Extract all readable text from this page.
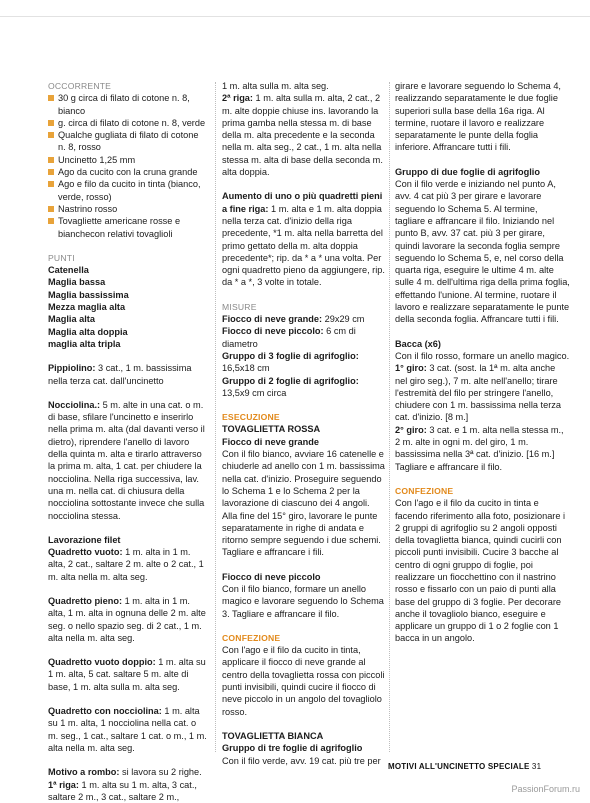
OCCORRENTE
30 g circa di filato di cotone n. 8, bianco
g. circa di filato di cotone n. 8, verde
Qualche gugliata di filato di cotone n. 8, rosso
Uncinetto 1,25 mm
Ago da cucito con la cruna grande
Ago e filo da cucito in tinta (bianco, verde, rosso)
Nastrino rosso
Tovagliette americane rosse e bianchecon relativi tovaglioli
PUNTI
Catenella
Maglia bassa
Maglia bassissima
Mezza maglia alta
Maglia alta
Maglia alta doppia
maglia alta tripla

Pippiolino: 3 cat., 1 m. bassissima nella terza cat. dall'uncinetto

Nocciolina.: 5 m. alte in una cat. o m. di base, sfilare l'uncinetto e inserirlo nella prima m. alta (dal davanti verso il dietro), riprendere l'anello di lavoro della quinta m. alta e tirarlo attraverso la prima m. alta, 1 cat. per chiudere la nocciolina. Nella riga successiva, lav. una m. nella cat. di chiusura della nocciolina sottostante invece che sulla nocciolina stessa.

Lavorazione filet

Quadretto vuoto: 1 m. alta in 1 m. alta, 2 cat., saltare 2 m. alte o 2 cat., 1 m. alta nella m. alta seg.

Quadretto pieno: 1 m. alta in 1 m. alta, 1 m. alta in ognuna delle 2 m. alte seg. o nello spazio seg. di 2 cat., 1 m. alta nella m. alta seg.

Quadretto vuoto doppio: 1 m. alta su 1 m. alta, 5 cat. saltare 5 m. alte di base, 1 m. alta sulla m. alta seg.

Quadretto con nocciolina: 1 m. alta su 1 m. alta, 1 nocciolina nella cat. o m. seg., 1 cat., saltare 1 cat. o m., 1 m. alta nella m. alta seg.

Motivo a rombo: si lavora su 2 righe.

1ª riga: 1 m. alta su 1 m. alta, 3 cat., saltare 2 m., 3 cat., saltare 2 m.,

1 m. alta sulla m. alta seg.

2ª riga: 1 m. alta sulla m. alta, 2 cat., 2 m. alte doppie chiuse ins. lavorando la prima gamba nella stessa m. di base della m. alta precedente e la seconda nella m. alta seg., 2 cat., 1 m. alta nella stessa m. alta di base della seconda m. alta doppia.

Aumento di uno o più quadretti pieni a fine riga: 1 m. alta e 1 m. alta doppia nella terza cat. d'inizio della riga precedente, *1 m. alta nella barretta del primo gettato della m. alta doppia precedente*; rip. da * a * una volta. Per ogni quadretto pieno da aggiungere, rip. da * a *, 3 volte in totale.

MISURE

Fiocco di neve grande: 29x29 cm

Fiocco di neve piccolo: 6 cm di diametro

Gruppo di 3 foglie di agrifoglio: 16,5x18 cm

Gruppo di 2 foglie di agrifoglio: 13,5x9 cm circa

ESECUZIONE
TOVAGLIETTA ROSSA
Fiocco di neve grande

Con il filo bianco, avviare 16 catenelle e chiuderle ad anello con 1 m. bassissima nella cat. d'inizio. Proseguire seguendo lo Schema 1 e lo Schema 2 per la lavorazione di ciascuno dei 4 angoli. Alla fine del 15° giro, lavorare le punte separatamente in righe di andata e ritorno sempre seguendo i due schemi. Tagliare e affrancare i fili.

Fiocco di neve piccolo

Con il filo bianco, formare un anello magico e lavorare seguendo lo Schema 3. Tagliare e affrancare il filo.

CONFEZIONE

Con l'ago e il filo da cucito in tinta, applicare il fiocco di neve grande al centro della tovaglietta rossa con piccoli punti invisibili, quindi cucire il fiocco di neve piccolo in un angolo del tovagliolo rosso.

TOVAGLIETTA BIANCA
Gruppo di tre foglie di agrifoglio

Con il filo verde, avv. 19 cat. più tre per

girare e lavorare seguendo lo Schema 4, realizzando separatamente le due foglie superiori sulla base della 16a riga. Al termine, ruotare il lavoro e realizzare separatamente le punte della foglia inferiore. Affrancare tutti i fili.

Gruppo di due foglie di agrifoglio

Con il filo verde e iniziando nel punto A, avv. 4 cat più 3 per girare e lavorare seguendo lo Schema 5. Al termine, tagliare e affrancare il filo. Iniziando nel punto B, avv. 37 cat. più 3 per girare, quindi lavorare la seconda foglia sempre seguendo lo Schema 5, e, nel corso della quarta riga, eseguire le ultime 4 m. alte sulle 4 m. dell'ultima riga della prima foglia, effettando l'unione. Al termine, ruotare il lavoro e realizzare separatamente le punte della seconda foglia. Affrancare tutti i fili.

Bacca (x6)

Con il filo rosso, formare un anello magico.

1° giro: 3 cat. (sost. la 1ª m. alta anche nel giro seg.), 7 m. alte nell'anello; tirare l'estremità del filo per stringere l'anello, chiudere con 1 m. bassissima nella terza cat. d'inizio. [8 m.]

2° giro: 3 cat. e 1 m. alta nella stessa m., 2 m. alte in ogni m. del giro, 1 m. bassissima nella 3ª cat. d'inizio. [16 m.] Tagliare e affrancare il filo.

CONFEZIONE

Con l'ago e il filo da cucito in tinta e facendo riferimento alla foto, posizionare i 2 gruppi di agrifoglio su 2 angoli opposti della tovaglietta bianca, quindi cucirli con piccoli punti invisibili. Cucire 3 bacche al centro di ogni gruppo di foglie, poi realizzare un fiocchettino con il nastrino rosso e fissarlo con un paio di punti alla base del gruppo di 3 foglie. Per decorare anche il tovagliolo bianco, eseguire e applicare un gruppo di 1 o 2 foglie con 1 bacca in un angolo.

MOTIVI ALL'UNCINETTO SPECIALE 31
PassionForum.ru
